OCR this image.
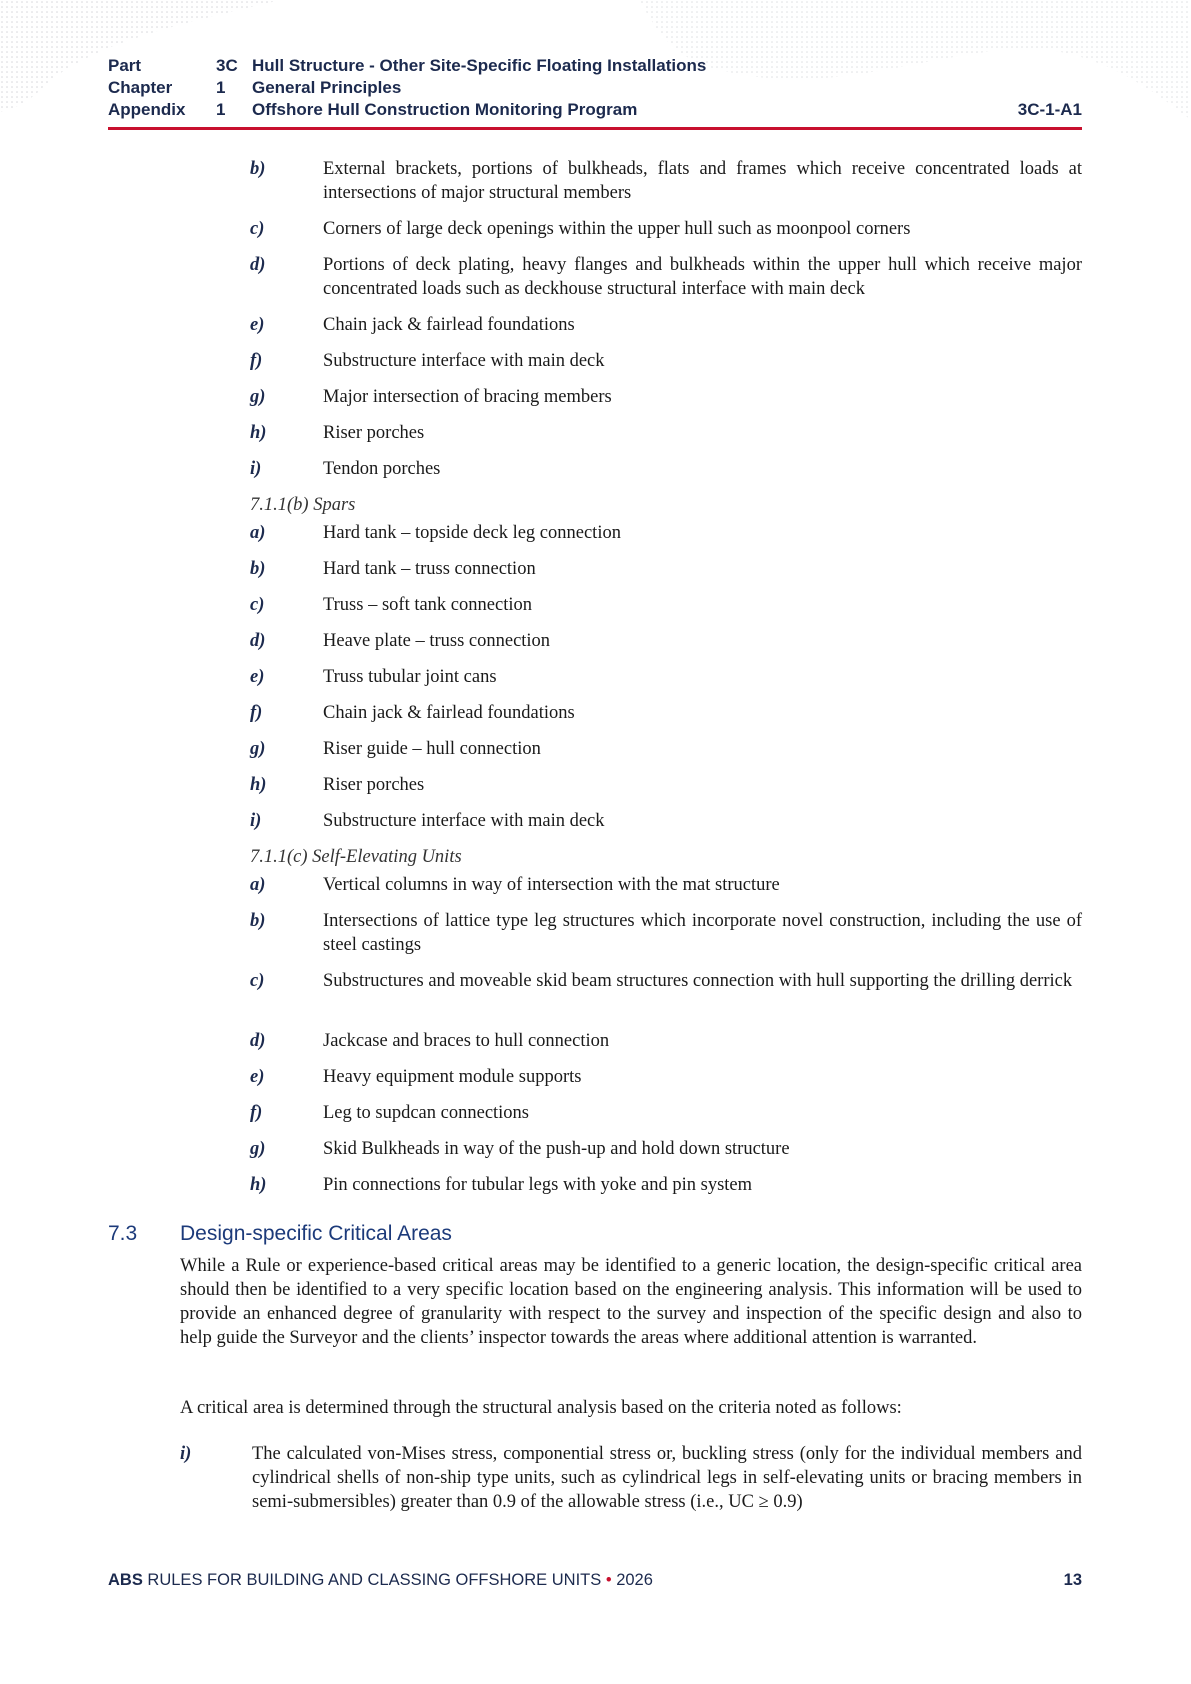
Part	3C Hull Structure - Other Site-Specific Floating Installations
Chapter	1 General Principles
Appendix 1 Offshore Hull Construction Monitoring Program	3C-1-A1
b)	External brackets, portions of bulkheads, flats and frames which receive concentrated loads at intersections of major structural members
c)	Corners of large deck openings within the upper hull such as moonpool corners
d)	Portions of deck plating, heavy flanges and bulkheads within the upper hull which receive major concentrated loads such as deckhouse structural interface with main deck
e)	Chain jack & fairlead foundations
f)	Substructure interface with main deck
g)	Major intersection of bracing members
h)	Riser porches
i)	Tendon porches
7.1.1(b) Spars
a)	Hard tank – topside deck leg connection
b)	Hard tank – truss connection
c)	Truss – soft tank connection
d)	Heave plate – truss connection
e)	Truss tubular joint cans
f)	Chain jack & fairlead foundations
g)	Riser guide – hull connection
h)	Riser porches
i)	Substructure interface with main deck
7.1.1(c) Self-Elevating Units
a)	Vertical columns in way of intersection with the mat structure
b)	Intersections of lattice type leg structures which incorporate novel construction, including the use of steel castings
c)	Substructures and moveable skid beam structures connection with hull supporting the drilling derrick
d)	Jackcase and braces to hull connection
e)	Heavy equipment module supports
f)	Leg to supdcan connections
g)	Skid Bulkheads in way of the push-up and hold down structure
h)	Pin connections for tubular legs with yoke and pin system
7.3 Design-specific Critical Areas
While a Rule or experience-based critical areas may be identified to a generic location, the design-specific critical area should then be identified to a very specific location based on the engineering analysis. This information will be used to provide an enhanced degree of granularity with respect to the survey and inspection of the specific design and also to help guide the Surveyor and the clients’ inspector towards the areas where additional attention is warranted.
A critical area is determined through the structural analysis based on the criteria noted as follows:
i)	The calculated von-Mises stress, componential stress or, buckling stress (only for the individual members and cylindrical shells of non-ship type units, such as cylindrical legs in self-elevating units or bracing members in semi-submersibles) greater than 0.9 of the allowable stress (i.e., UC ≥ 0.9)
ABS RULES FOR BUILDING AND CLASSING OFFSHORE UNITS • 2026	13
